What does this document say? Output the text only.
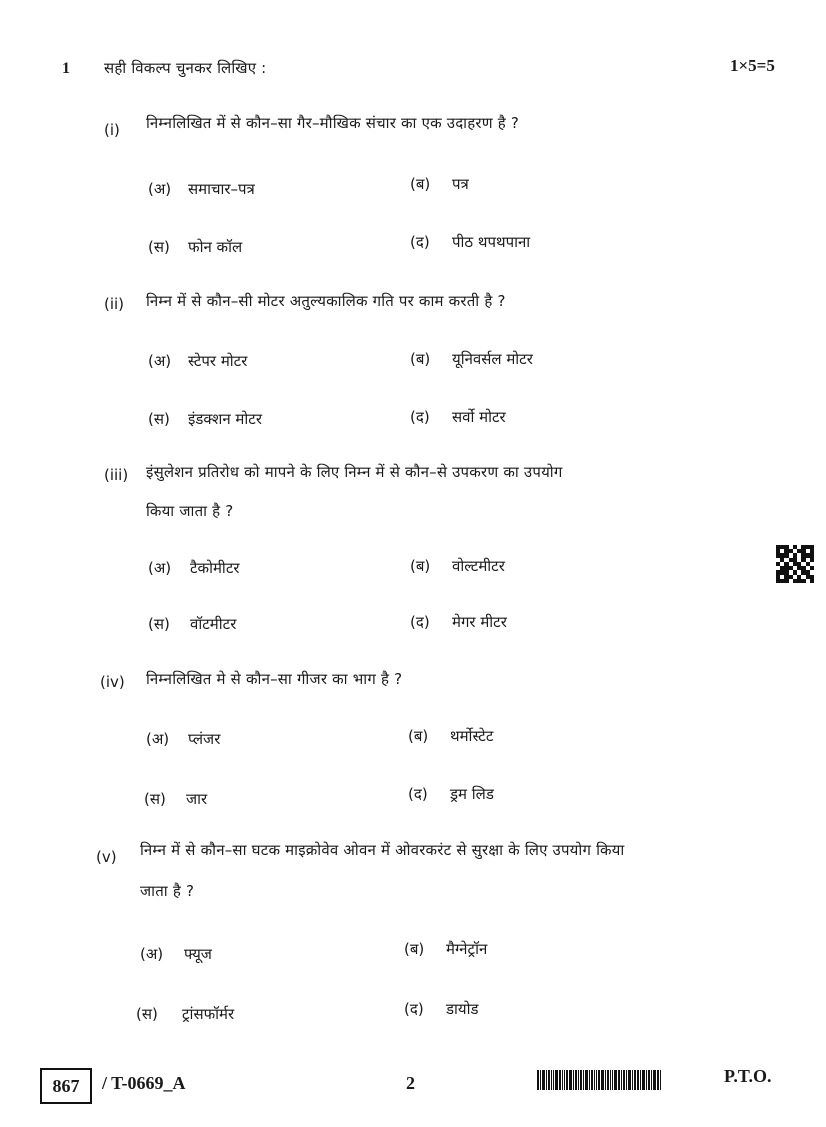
1 सही विकल्प चुनकर लिखिए :	1×5=5
(i) निम्नलिखित में से कौन–सा गैर–मौखिक संचार का एक उदाहरण है ?
(अ) समाचार–पत्र	(ब) पत्र
(स) फोन कॉल	(द) पीठ थपथपाना
(ii) निम्न में से कौन–सी मोटर अतुल्यकालिक गति पर काम करती है ?
(अ) स्टेपर मोटर	(ब) यूनिवर्सल मोटर
(स) इंडक्शन मोटर	(द) सर्वो मोटर
(iii) इंसुलेशन प्रतिरोध को मापने के लिए निम्न में से कौन–से उपकरण का उपयोग
किया जाता है ?
(अ) टैकोमीटर	(ब) वोल्टमीटर
(स) वॉटमीटर	(द) मेगर मीटर
(iv) निम्नलिखित मे से कौन–सा गीजर का भाग है ?
(अ) प्लंजर	(ब) थर्मोस्टेट
(स) जार	(द) ड्रम लिड
(v) निम्न में से कौन–सा घटक माइक्रोवेव ओवन में ओवरकरंट से सुरक्षा के लिए उपयोग किया
जाता है ?
(अ) फ्यूज	(ब) मैग्नेट्रॉन
(स) ट्रांसफॉर्मर	(द) डायोड
867 / T-0669_A	2	P.T.O.
